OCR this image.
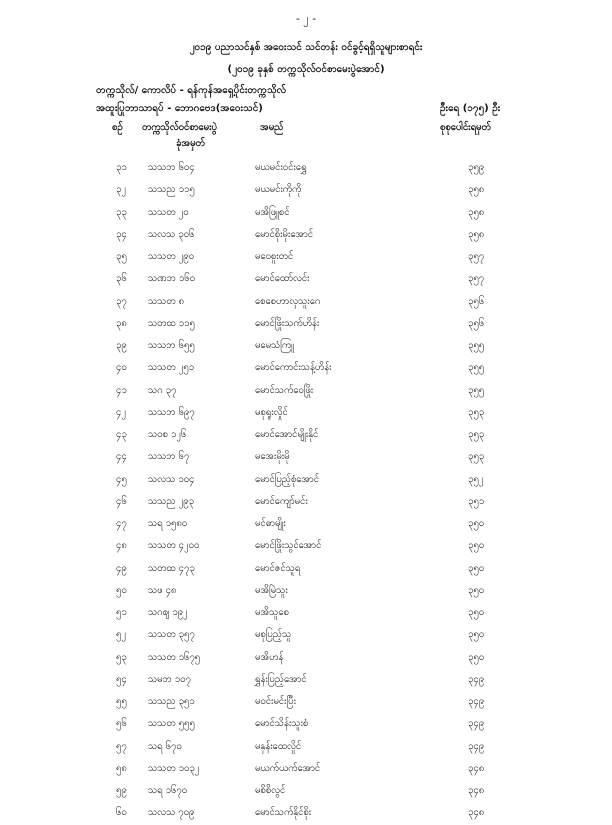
- ၂ -
၂၀၁၉ ပညာသင်နှစ် အဝေးသင် သင်တန်း ဝင်ခွင့်ရရှိသူများစာရင်း
(၂၀၁၉ ခုနှစ် တက္ကသိုလ်ဝင်စာမေးပွဲအောင်)
တက္ကသိုလ်/ ကောလိပ် - ရန်ကုန်အရှေ့ပိုင်းတက္ကသိုလ်
အထူးပြုဘာသာရပ် - ဘောဂဗေဒ(အဝေးသင်)	ဦးရေ (၁၇၅) ဦး
စဉ် တက္ကသိုလ်ဝင်စာမေးပွဲ	အမည်	စုစုပေါင်းရမှတ်
ခုံအမှတ်
၃၁ သသဘ ၆၀၄	မယမင်းဝင်းရွှေ	၃၅၉
၃၂ သသည ၁၁၅	မယမင်းကိုကို	၃၅၈
၃၃ သသတ ၂၀	မအိဖြူစင်	၃၅၈
၃၄ သလသ ၃၀၆	မောင်စိုးမိုးအောင်	၃၅၈
၃၅ သသတ ၂၉၀	မဝေစူးတင်	၃၅၇
၃၆ သဏဘ ၁၆၀	မောင်ထော်လင်း	၃၅၇
၃၇ သသတ ၈	စေစေဟာလှသူးဂေ	၃၅၆
၃၈ သတထ ၁၁၅	မောင်ဖြိုးသက်ဟိန်း	၃၅၆
၃၉ သသဘ ၆၅၅	မမေသံကြူ	၃၅၅
၄၀ သသတ ၂၅၁	မောင်ကောင်းသန့်ဟိန်း	၃၅၅
၄၁ သဂ ၃၇	မောင်သက်ဝေဖြိုး	၃၅၅
၄၂ သသဘ ၆၉၇	မစုရူးလှိုင်	၃၅၃
၄၃ သဝစ ၁၂၆	မောင်အောင်မျိုးနိုင်	၃၅၃
၄၄ သသဘ ၆၇	မအေးမိုးမို	၃၅၃
၄၅ သလသ ၁၀၄	မောင်ပြည့်စုံအောင်	၃၅၂
၄၆ သသည ၂၉၃	မောင်ကျော်မင်း	၃၅၁
၄၇ သရ ၁၅၈၀	မင်ဓာမျိုး	၃၅၀
၄၈ သသတ ၄၂၀၀	မောင်ဖြိုးသွင်အောင်	၃၅၀
၄၉ သတထ ၄၇၃	မောင်ဇင်သူရ	၃၅၀
၅၀ သဖ ၄၈	မအိမြဲသူး	၃၅၀
၅၁ သဂဈ ၁၉၂	မအိသူစေ	၃၅၀
၅၂ သသတ ၃၅၇	မစုပြည့်သူ	၃၅၀
၅၃ သသတ ၁၆၇၅	မအိဟန်	၃၅၀
၅၄ သမဘ ၁၀၇	ရွှန်းပြည့်အောင်	၃၄၉
၅၅ သသည ၃၅၁	မဝင်းမင်းပြီး	၃၄၉
၅၆ သသတ ၅၅၅	မောင်သိန်းသူးစံ	၃၄၉
၅၇ သရ ၆၇၀	မနှန်းထေလှိုင်	၃၄၉
၅၈ သသတ ၁၀၃၂	မယက်ယက်အောင်	၃၄၈
၅၉ သရ ၁၆၇၀	မစိစိလွင်	၃၄၈
၆၀ သလသ ၇၀၉	မောင်သက်နိုင်စိုး	၃၄၈
